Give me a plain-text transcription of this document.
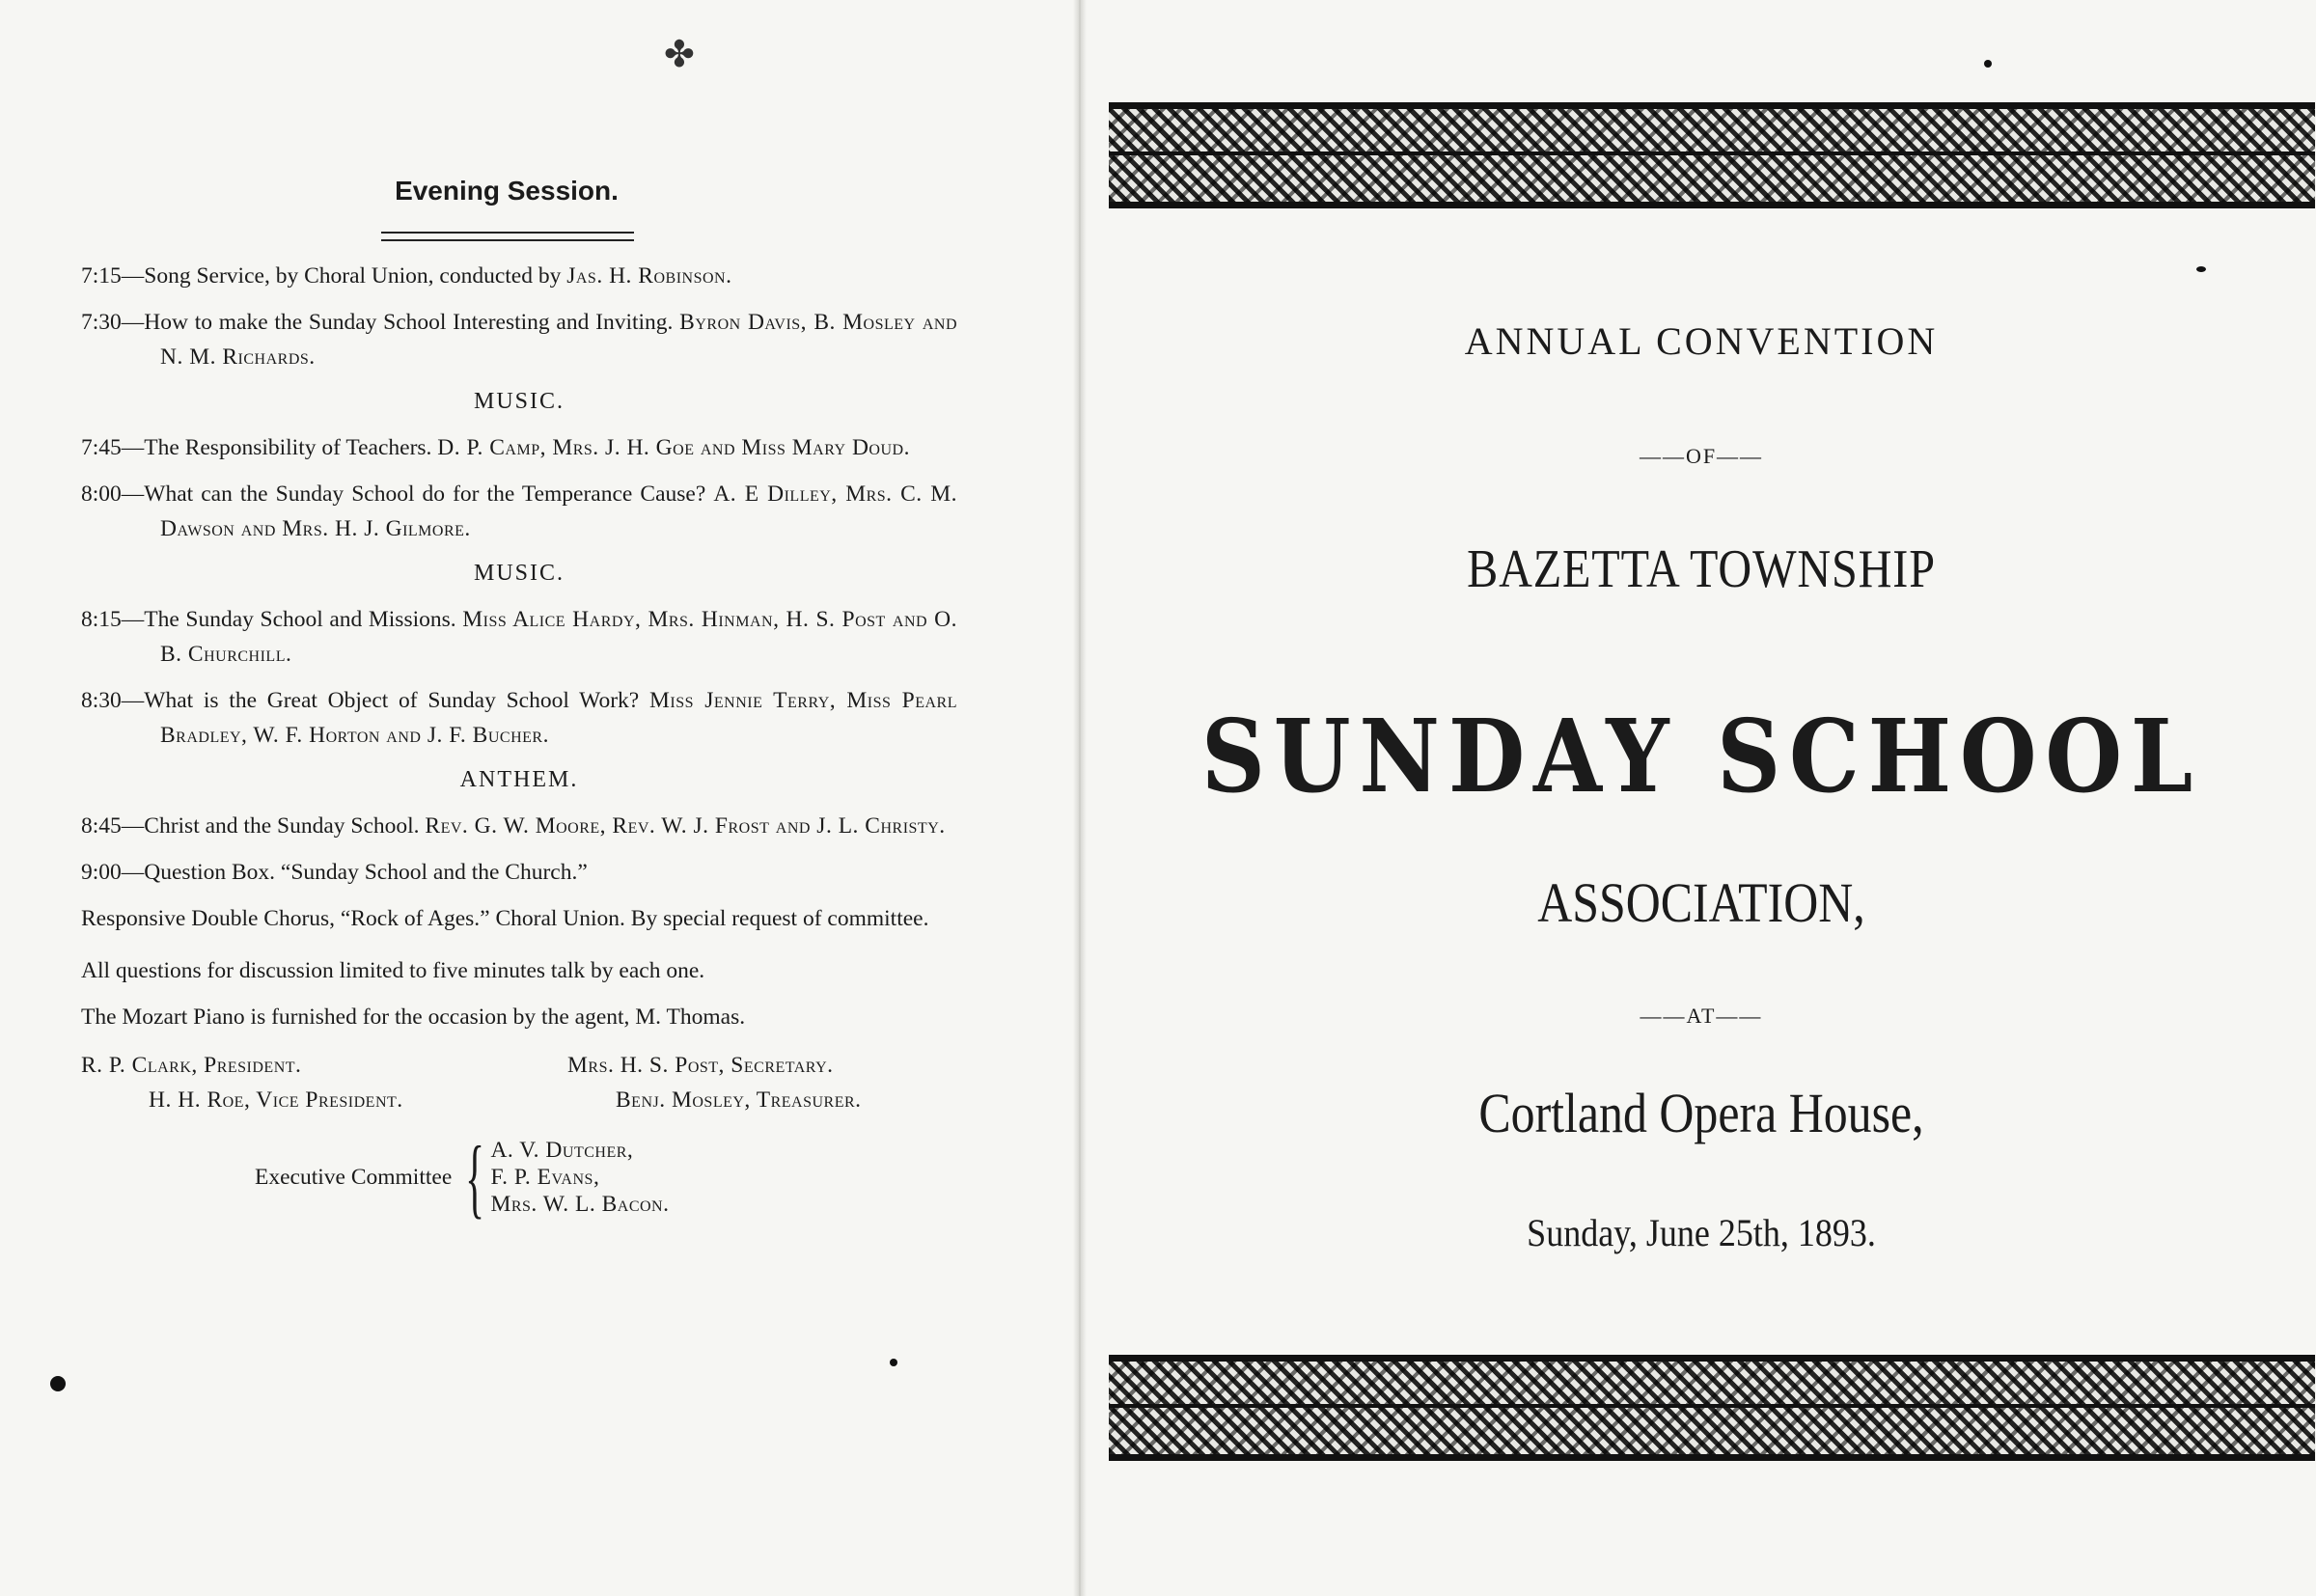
✤
Evening Session.

7:15—Song Service, by Choral Union, conducted by Jas. H. Robinson.

7:30—How to make the Sunday School Interesting and Inviting. Byron Davis, B. Mosley and N. M. Richards.

MUSIC.

7:45—The Responsibility of Teachers. D. P. Camp, Mrs. J. H. Goe and Miss Mary Doud.

8:00—What can the Sunday School do for the Temperance Cause? A. E Dilley, Mrs. C. M. Dawson and Mrs. H. J. Gilmore.

MUSIC.

8:15—The Sunday School and Missions. Miss Alice Hardy, Mrs. Hinman, H. S. Post and O. B. Churchill.

8:30—What is the Great Object of Sunday School Work? Miss Jennie Terry, Miss Pearl Bradley, W. F. Horton and J. F. Bucher.

ANTHEM.

8:45—Christ and the Sunday School. Rev. G. W. Moore, Rev. W. J. Frost and J. L. Christy.

9:00—Question Box. “Sunday School and the Church.”

Responsive Double Chorus, “Rock of Ages.” Choral Union. By special request of committee.

All questions for discussion limited to five minutes talk by each one.

The Mozart Piano is furnished for the occasion by the agent, M. Thomas.

R. P. Clark, President.	Mrs. H. S. Post, Secretary.
H. H. Roe, Vice President.	Benj. Mosley, Treasurer.
Executive Committee { A. V. Dutcher,
F. P. Evans,
Mrs. W. L. Bacon.
ANNUAL CONVENTION
——OF——
BAZETTA TOWNSHIP
SUNDAY SCHOOL
ASSOCIATION,
——AT——
Cortland Opera House,
Sunday, June 25th, 1893.
